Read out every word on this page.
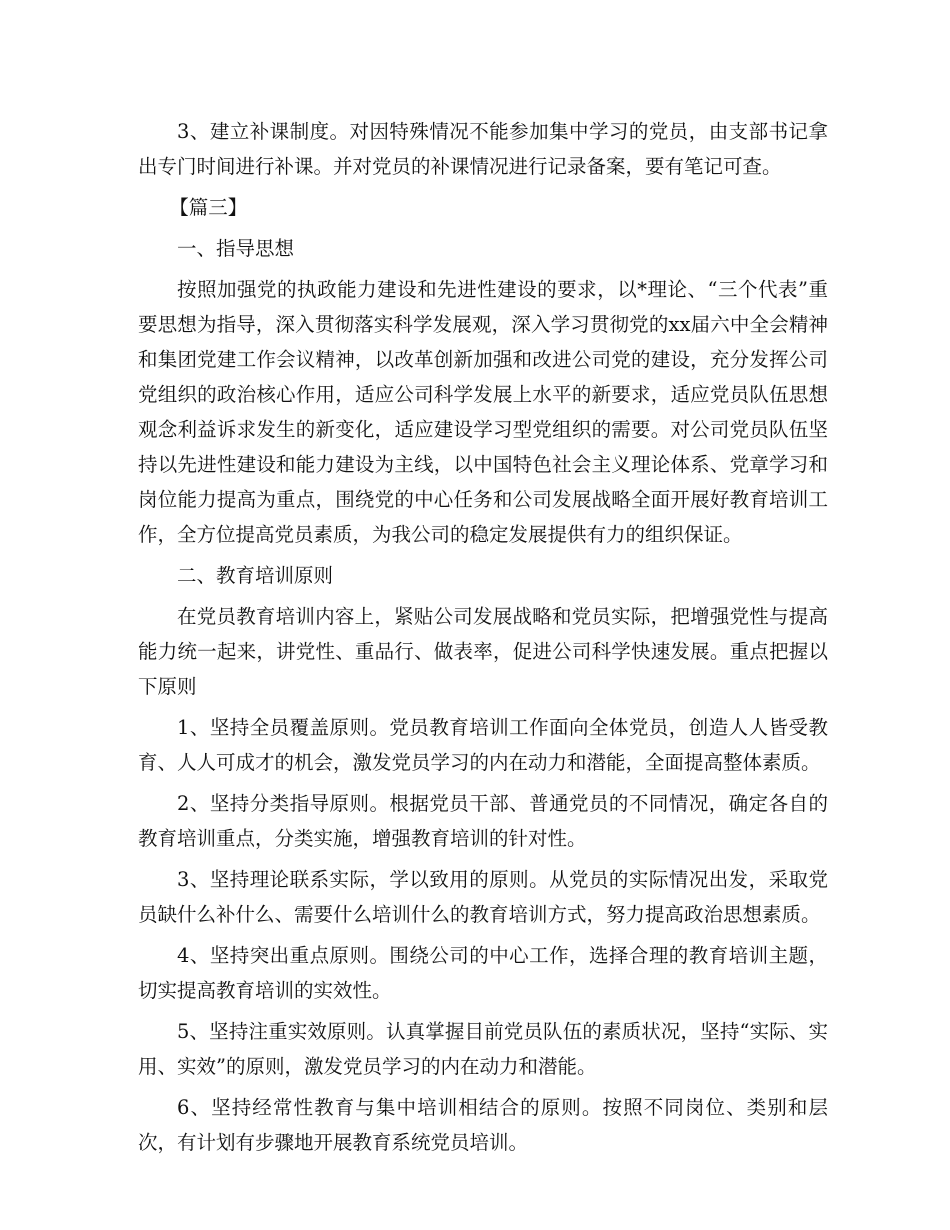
3、建立补课制度。对因特殊情况不能参加集中学习的党员，由支部书记拿出专门时间进行补课。并对党员的补课情况进行记录备案，要有笔记可查。

【篇三】

一、指导思想

按照加强党的执政能力建设和先进性建设的要求，以*理论、“三个代表”重要思想为指导，深入贯彻落实科学发展观，深入学习贯彻党的xx届六中全会精神和集团党建工作会议精神，以改革创新加强和改进公司党的建设，充分发挥公司党组织的政治核心作用，适应公司科学发展上水平的新要求，适应党员队伍思想观念利益诉求发生的新变化，适应建设学习型党组织的需要。对公司党员队伍坚持以先进性建设和能力建设为主线，以中国特色社会主义理论体系、党章学习和岗位能力提高为重点，围绕党的中心任务和公司发展战略全面开展好教育培训工作，全方位提高党员素质，为我公司的稳定发展提供有力的组织保证。

二、教育培训原则

在党员教育培训内容上，紧贴公司发展战略和党员实际，把增强党性与提高能力统一起来，讲党性、重品行、做表率，促进公司科学快速发展。重点把握以下原则

1、坚持全员覆盖原则。党员教育培训工作面向全体党员，创造人人皆受教育、人人可成才的机会，激发党员学习的内在动力和潜能，全面提高整体素质。

2、坚持分类指导原则。根据党员干部、普通党员的不同情况，确定各自的教育培训重点，分类实施，增强教育培训的针对性。

3、坚持理论联系实际，学以致用的原则。从党员的实际情况出发，采取党员缺什么补什么、需要什么培训什么的教育培训方式，努力提高政治思想素质。

4、坚持突出重点原则。围绕公司的中心工作，选择合理的教育培训主题，切实提高教育培训的实效性。

5、坚持注重实效原则。认真掌握目前党员队伍的素质状况，坚持“实际、实用、实效”的原则，激发党员学习的内在动力和潜能。

6、坚持经常性教育与集中培训相结合的原则。按照不同岗位、类别和层次，有计划有步骤地开展教育系统党员培训。
